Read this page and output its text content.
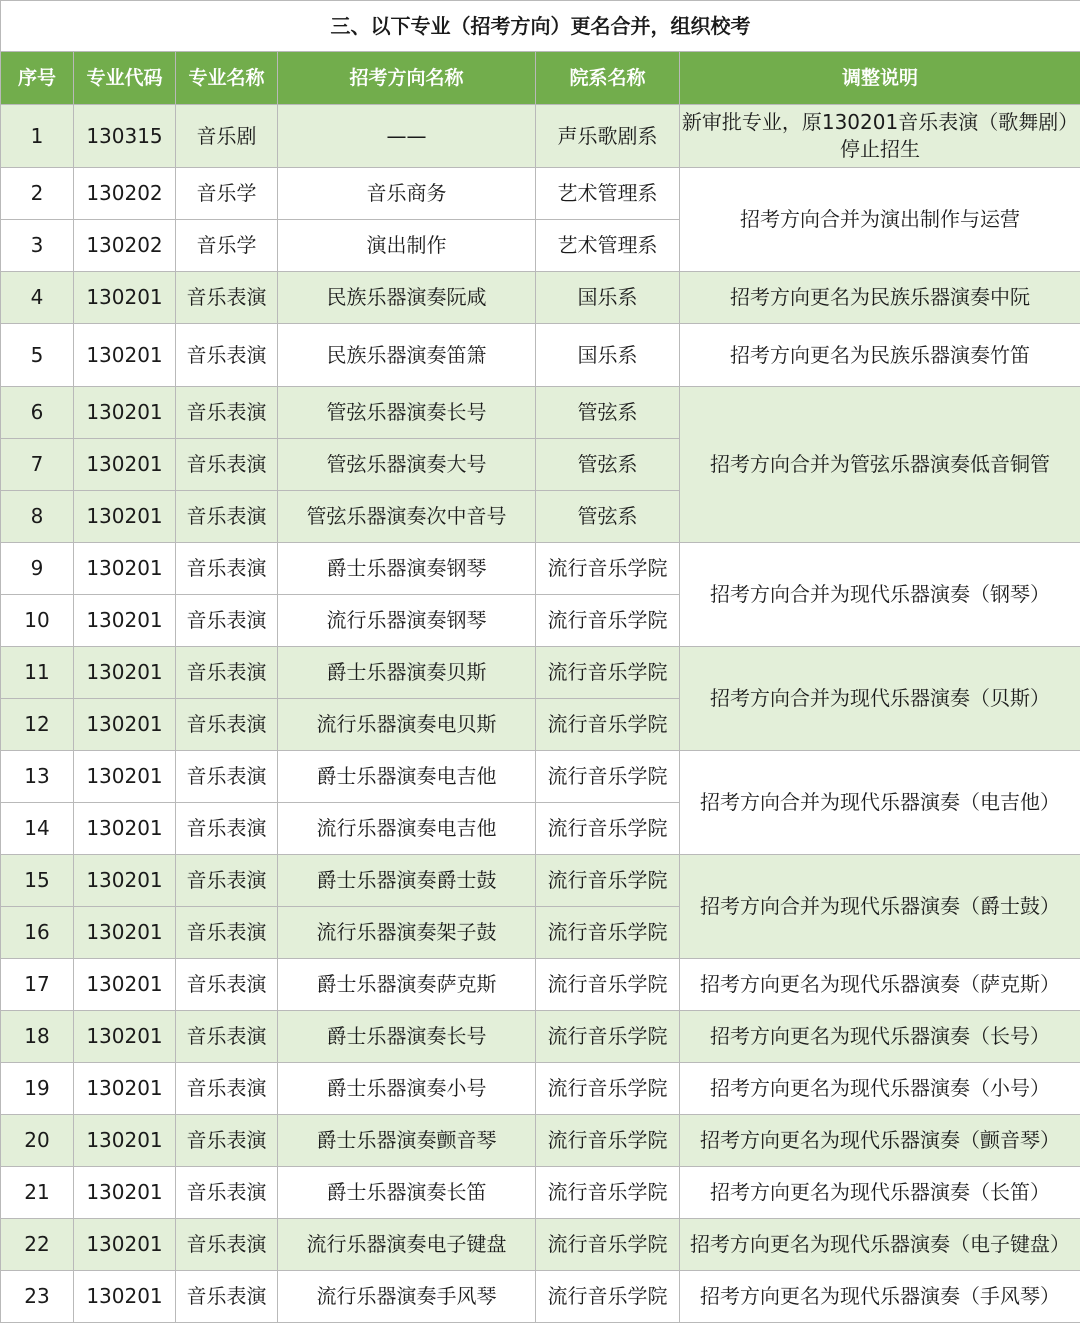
三、以下专业（招考方向）更名合并，组织校考					
序号	专业代码	专业名称	招考方向名称	院系名称	调整说明
1	130315	音乐剧	——	声乐歌剧系	新审批专业，原130201音乐表演（歌舞剧）停止招生
2	130202	音乐学	音乐商务	艺术管理系	招考方向合并为演出制作与运营
3	130202	音乐学	演出制作	艺术管理系	
4	130201	音乐表演	民族乐器演奏阮咸	国乐系	招考方向更名为民族乐器演奏中阮
5	130201	音乐表演	民族乐器演奏笛箫	国乐系	招考方向更名为民族乐器演奏竹笛
6	130201	音乐表演	管弦乐器演奏长号	管弦系	招考方向合并为管弦乐器演奏低音铜管
7	130201	音乐表演	管弦乐器演奏大号	管弦系	
8	130201	音乐表演	管弦乐器演奏次中音号	管弦系	
9	130201	音乐表演	爵士乐器演奏钢琴	流行音乐学院	招考方向合并为现代乐器演奏（钢琴）
10	130201	音乐表演	流行乐器演奏钢琴	流行音乐学院	
11	130201	音乐表演	爵士乐器演奏贝斯	流行音乐学院	招考方向合并为现代乐器演奏（贝斯）
12	130201	音乐表演	流行乐器演奏电贝斯	流行音乐学院	
13	130201	音乐表演	爵士乐器演奏电吉他	流行音乐学院	招考方向合并为现代乐器演奏（电吉他）
14	130201	音乐表演	流行乐器演奏电吉他	流行音乐学院	
15	130201	音乐表演	爵士乐器演奏爵士鼓	流行音乐学院	招考方向合并为现代乐器演奏（爵士鼓）
16	130201	音乐表演	流行乐器演奏架子鼓	流行音乐学院	
17	130201	音乐表演	爵士乐器演奏萨克斯	流行音乐学院	招考方向更名为现代乐器演奏（萨克斯）
18	130201	音乐表演	爵士乐器演奏长号	流行音乐学院	招考方向更名为现代乐器演奏（长号）
19	130201	音乐表演	爵士乐器演奏小号	流行音乐学院	招考方向更名为现代乐器演奏（小号）
20	130201	音乐表演	爵士乐器演奏颤音琴	流行音乐学院	招考方向更名为现代乐器演奏（颤音琴）
21	130201	音乐表演	爵士乐器演奏长笛	流行音乐学院	招考方向更名为现代乐器演奏（长笛）
22	130201	音乐表演	流行乐器演奏电子键盘	流行音乐学院	招考方向更名为现代乐器演奏（电子键盘）
23	130201	音乐表演	流行乐器演奏手风琴	流行音乐学院	招考方向更名为现代乐器演奏（手风琴）
